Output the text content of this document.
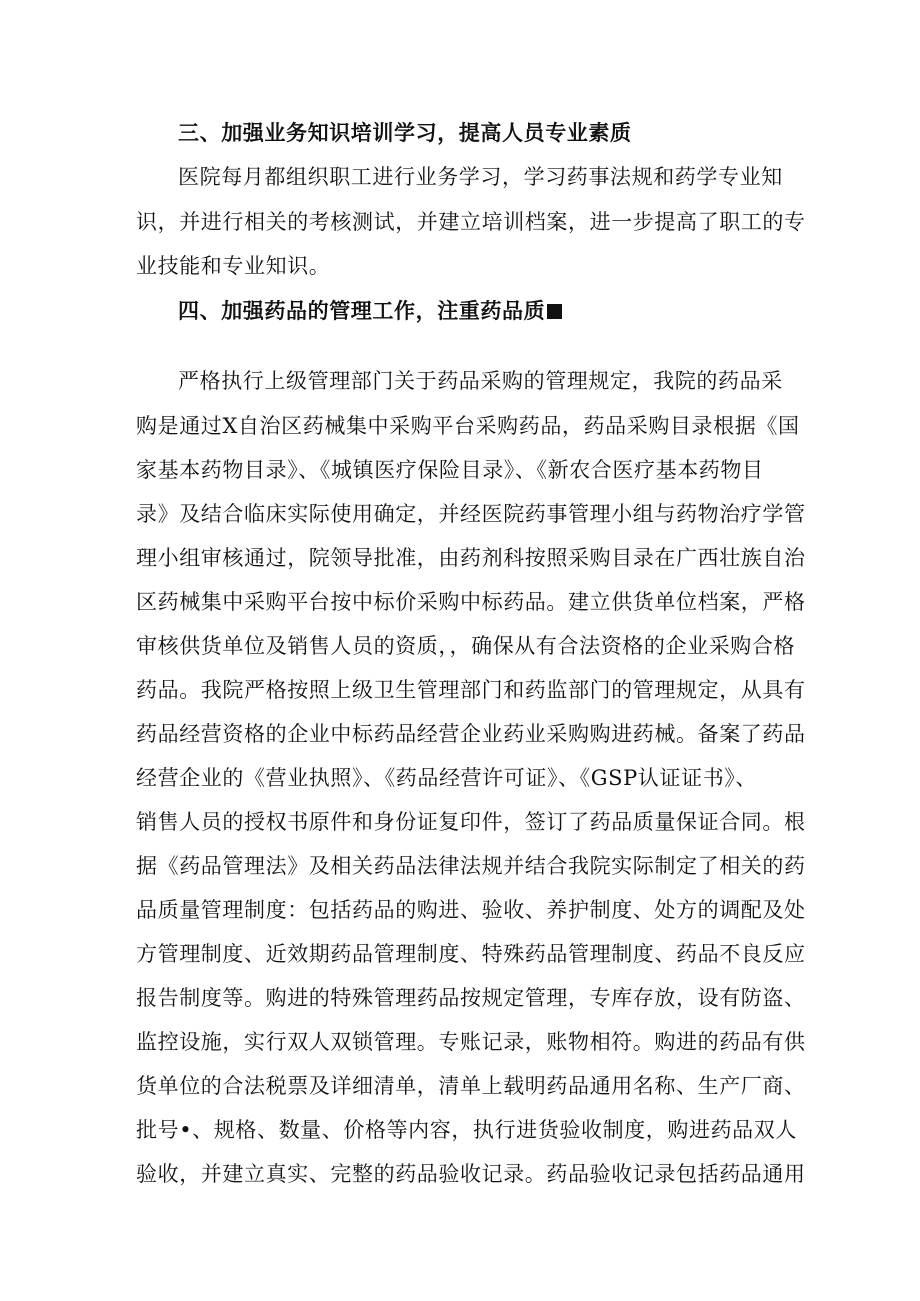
三、加强业务知识培训学习，提高人员专业素质
医院每月都组织职工进行业务学习，学习药事法规和药学专业知
识，并进行相关的考核测试，并建立培训档案，进一步提高了职工的专
业技能和专业知识。
四、加强药品的管理工作，注重药品质
严格执行上级管理部门关于药品采购的管理规定，我院的药品采
购是通过X自治区药械集中采购平台采购药品，药品采购目录根据《国
家基本药物目录》、《城镇医疗保险目录》、《新农合医疗基本药物目
录》及结合临床实际使用确定，并经医院药事管理小组与药物治疗学管
理小组审核通过，院领导批准，由药剂科按照采购目录在广西壮族自治
区药械集中采购平台按中标价采购中标药品。建立供货单位档案，严格
审核供货单位及销售人员的资质，，确保从有合法资格的企业采购合格
药品。我院严格按照上级卫生管理部门和药监部门的管理规定，从具有
药品经营资格的企业中标药品经营企业药业采购购进药械。备案了药品
经营企业的《营业执照》、《药品经营许可证》、《GSP认证证书》、
销售人员的授权书原件和身份证复印件，签订了药品质量保证合同。根
据《药品管理法》及相关药品法律法规并结合我院实际制定了相关的药
品质量管理制度：包括药品的购进、验收、养护制度、处方的调配及处
方管理制度、近效期药品管理制度、特殊药品管理制度、药品不良反应
报告制度等。购进的特殊管理药品按规定管理，专库存放，设有防盗、
监控设施，实行双人双锁管理。专账记录，账物相符。购进的药品有供
货单位的合法税票及详细清单，清单上载明药品通用名称、生产厂商、
批号•、规格、数量、价格等内容，执行进货验收制度，购进药品双人
验收，并建立真实、完整的药品验收记录。药品验收记录包括药品通用
